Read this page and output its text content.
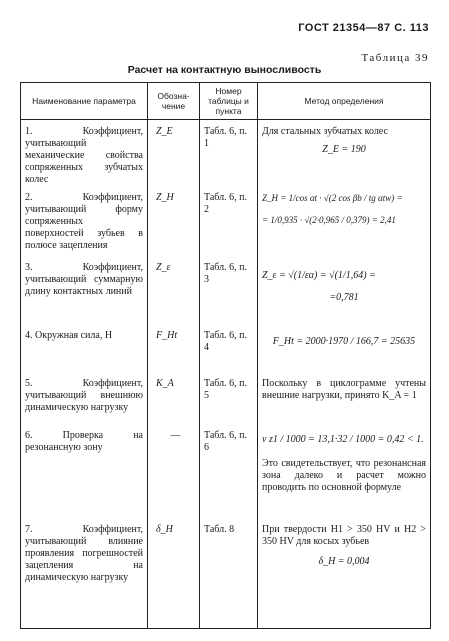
ГОСТ 21354—87 С. 113
Таблица 39
Расчет на контактную выносливость
Наименование параметра	Обозна-чение	Номер таблицы и пункта	Метод определения
1. Коэффициент, учитывающий механические свойства сопряженных зубчатых колес	Z_E	Табл. 6, п. 1	Для стальных зубчатых колес
Z_E = 190

2. Коэффициент, учитывающий форму сопряженных поверхностей зубьев в полюсе зацепления	Z_H	Табл. 6, п. 2	Z_H = 1/cos αt · √(2 cos βb / tg αtw) =
= 1/0,935 · √(2·0,965 / 0,379) = 2,41

3. Коэффициент, учитывающий суммарную длину контактных линий	Z_ε	Табл. 6, п. 3	Z_ε = √(1/εα) = √(1/1,64) =
=0,781

4. Окружная сила, Н	F_Ht	Табл. 6, п. 4	F_Ht = 2000·1970 / 166,7 = 25635

5. Коэффициент, учитывающий внешнюю динамическую нагрузку	K_A	Табл. 6, п. 5	Поскольку в циклограмме учтены внешние нагрузки, принято K_A = 1
6. Проверка на резонансную зону	—	Табл. 6, п. 6	v z1 / 1000 = 13,1·32 / 1000 = 0,42 < 1.
Это свидетельствует, что резонансная зона далеко и расчет можно проводить по основной формуле

7. Коэффициент, учитывающий влияние проявления погрешностей зацепления на динамическую нагрузку	δ_H	Табл. 8	При твердости H1 > 350 HV и H2 > 350 HV для косых зубьев
δ_H = 0,004
